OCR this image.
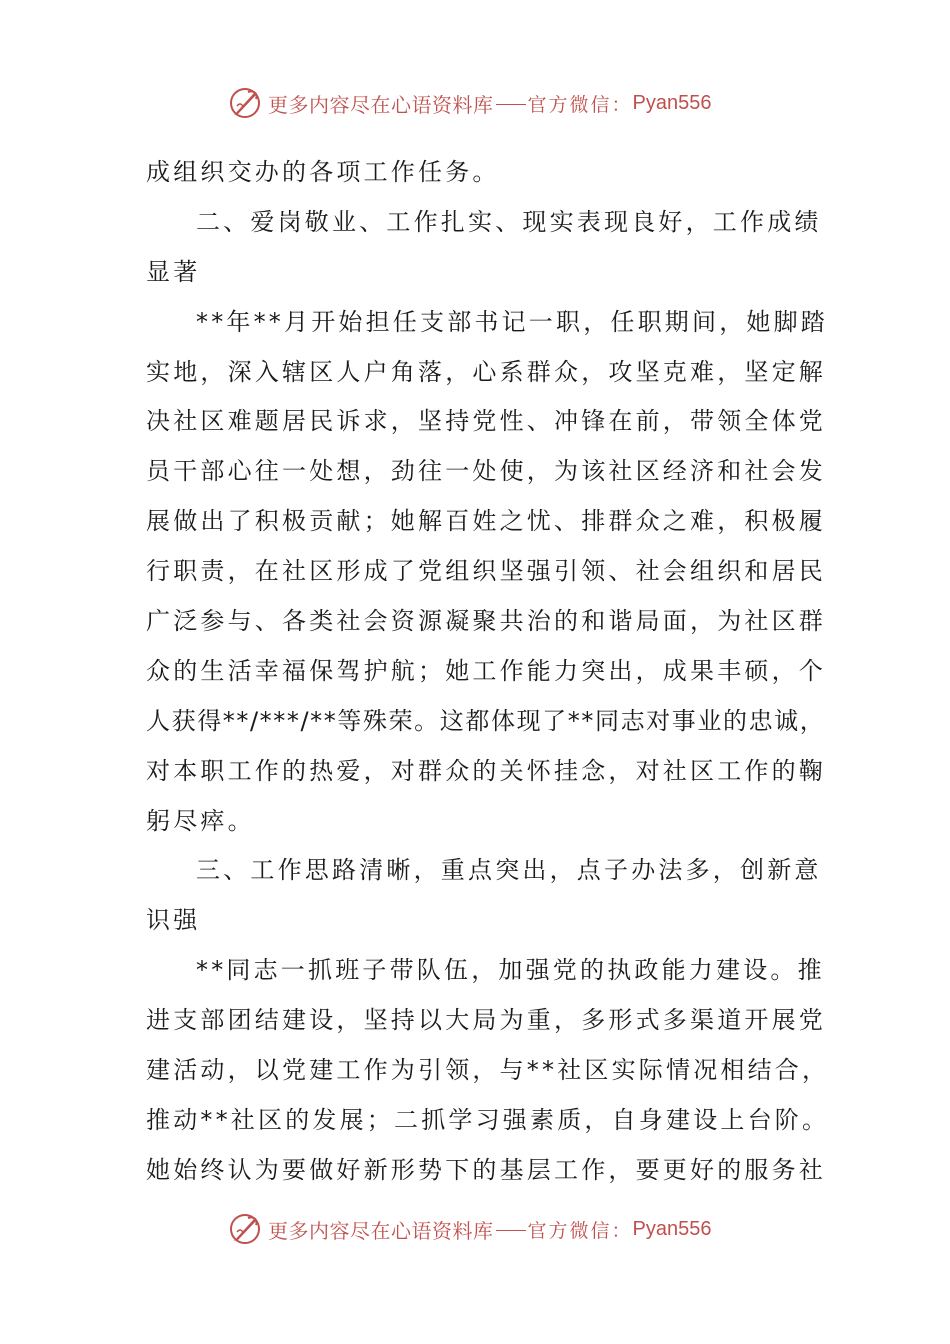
更多内容尽在心语资料库 官方微信： Pyan556
成组织交办的各项工作任务。
二、爱岗敬业、工作扎实、现实表现良好，工作成绩
显著
**年**月开始担任支部书记一职，任职期间，她脚踏
实地，深入辖区人户角落，心系群众，攻坚克难，坚定解
决社区难题居民诉求，坚持党性、冲锋在前，带领全体党
员干部心往一处想，劲往一处使，为该社区经济和社会发
展做出了积极贡献；她解百姓之忧、排群众之难，积极履
行职责，在社区形成了党组织坚强引领、社会组织和居民
广泛参与、各类社会资源凝聚共治的和谐局面，为社区群
众的生活幸福保驾护航；她工作能力突出，成果丰硕，个
人获得**/***/**等殊荣。这都体现了**同志对事业的忠诚，
对本职工作的热爱，对群众的关怀挂念，对社区工作的鞠
躬尽瘁。
三、工作思路清晰，重点突出，点子办法多，创新意
识强
**同志一抓班子带队伍，加强党的执政能力建设。推
进支部团结建设，坚持以大局为重，多形式多渠道开展党
建活动，以党建工作为引领，与**社区实际情况相结合，
推动**社区的发展；二抓学习强素质，自身建设上台阶。
她始终认为要做好新形势下的基层工作，要更好的服务社
更多内容尽在心语资料库 官方微信： Pyan556
